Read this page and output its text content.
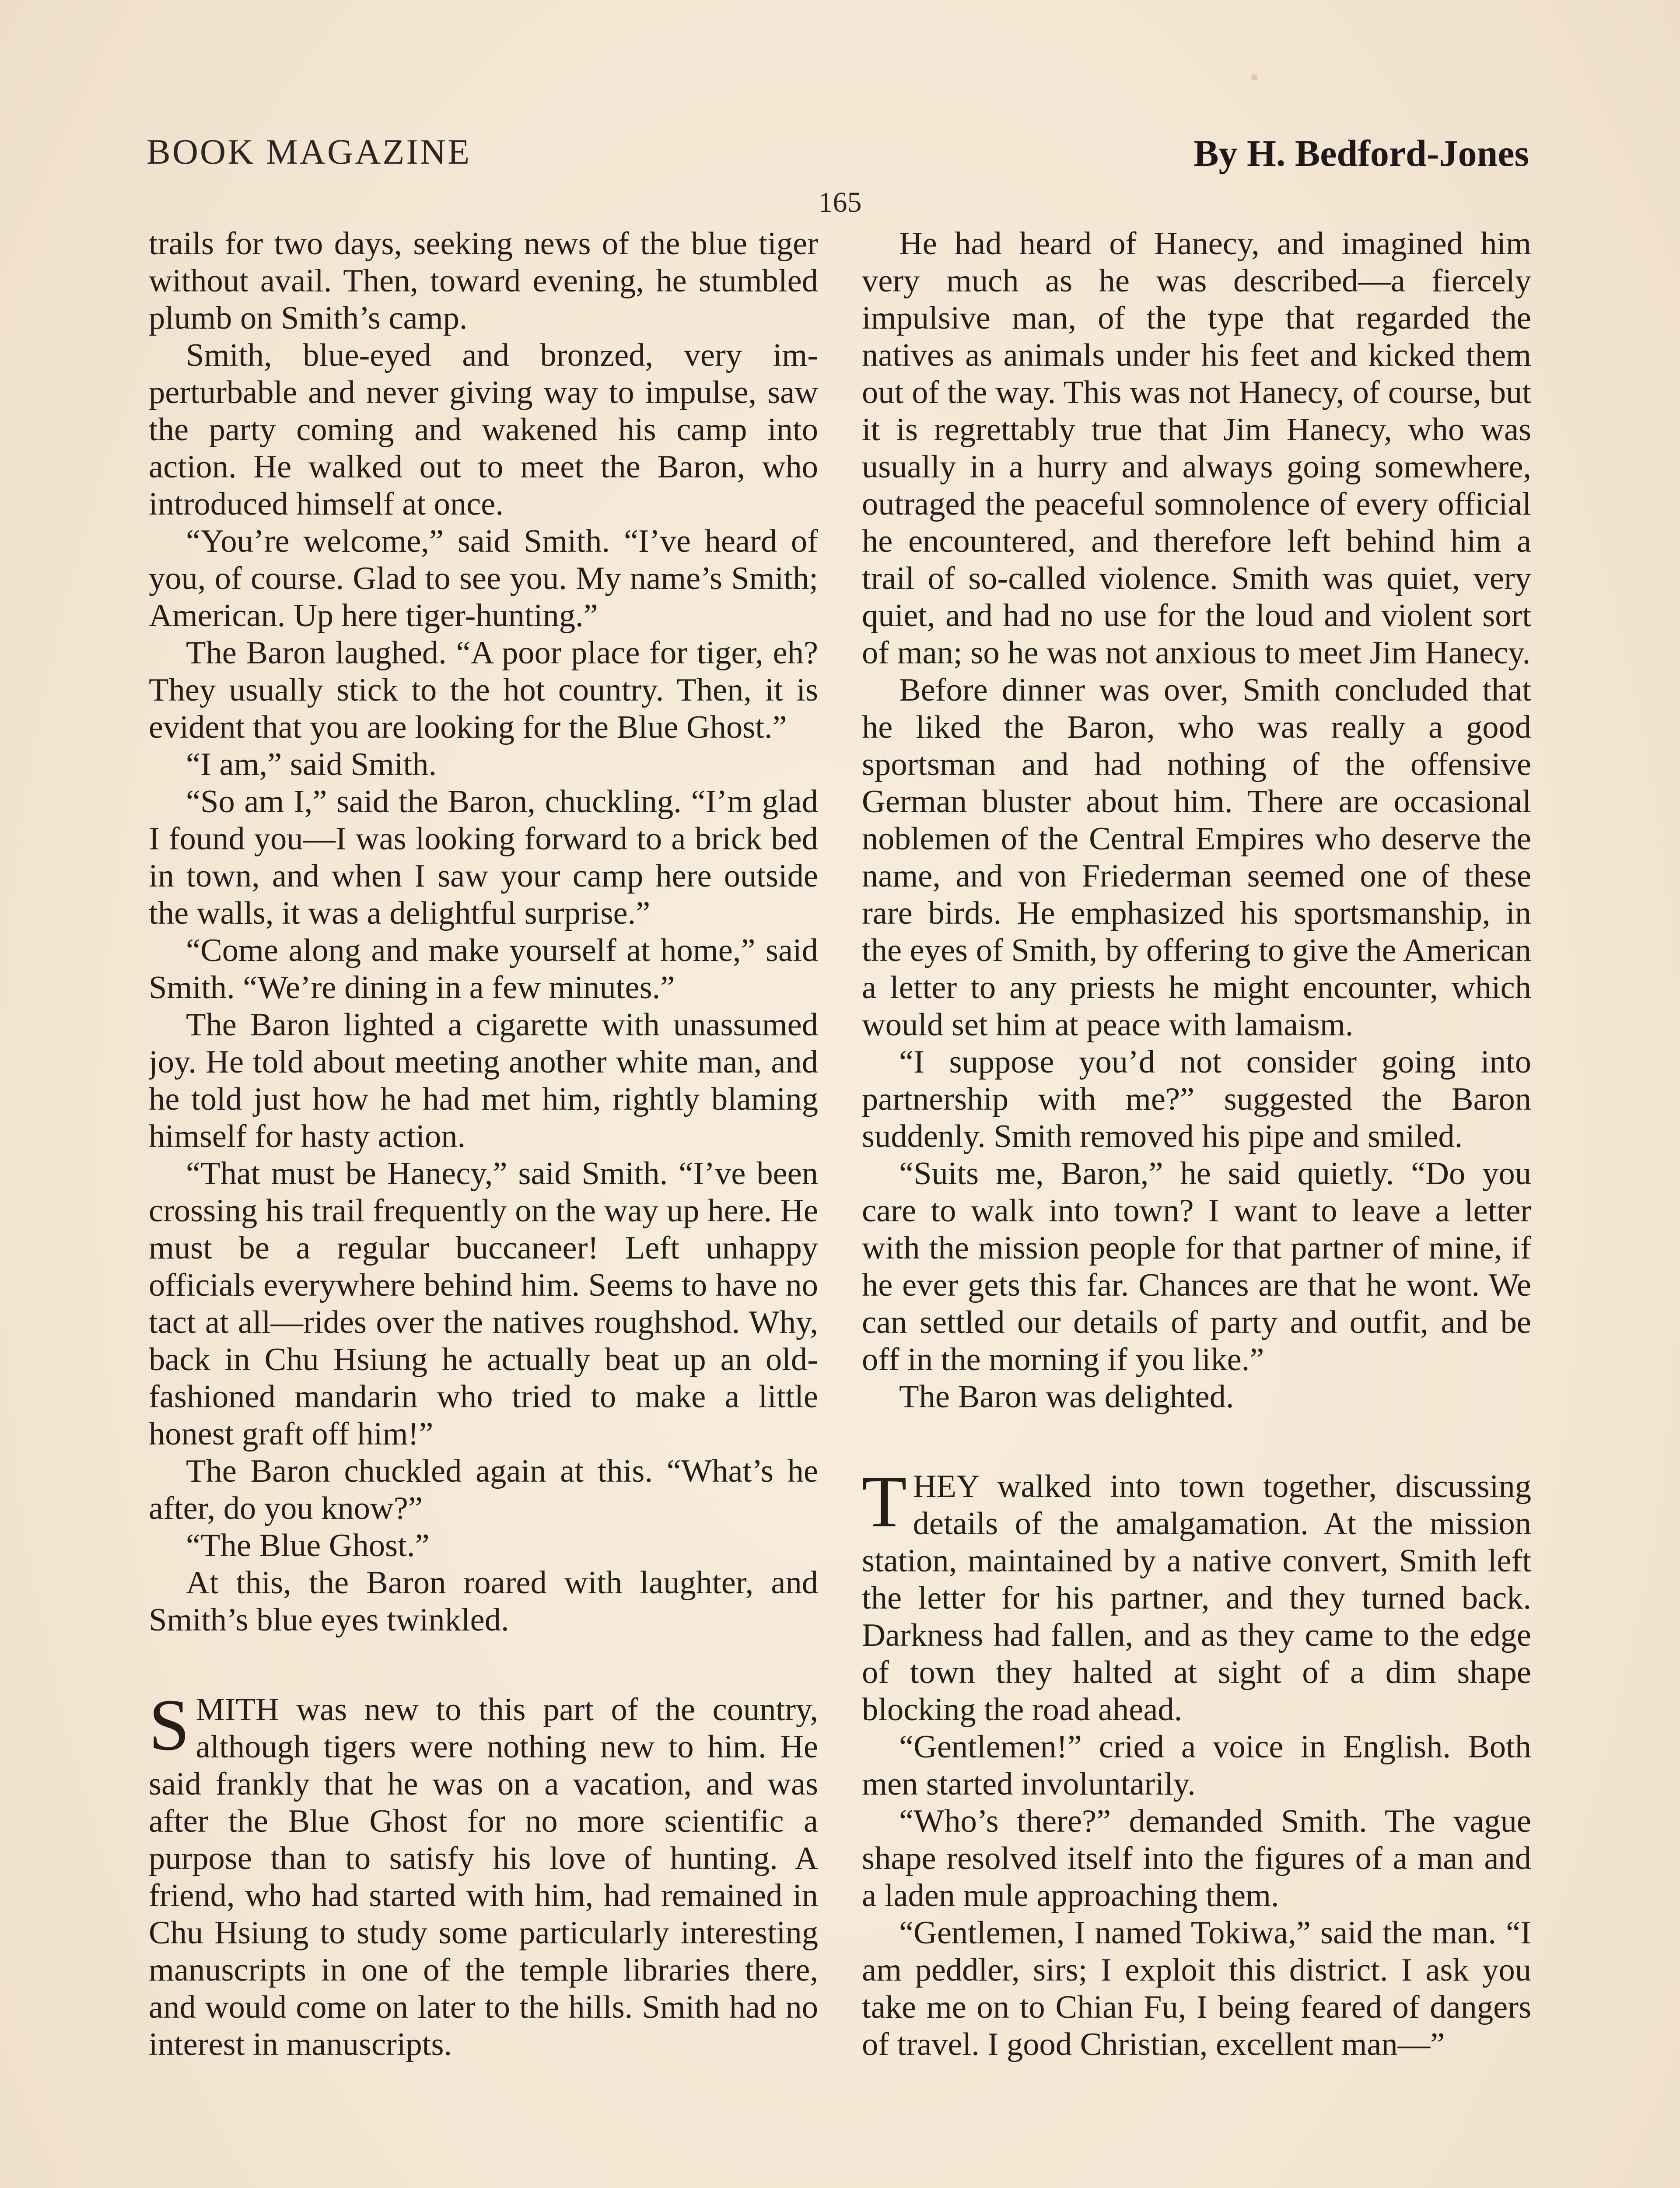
BOOK MAGAZINE	By H. Bedford-Jones
165

trails for two days, seeking news of the blue tiger without avail. Then, toward evening, he stumbled plumb on Smith’s camp.

Smith, blue-eyed and bronzed, very imperturbable and never giving way to impulse, saw the party coming and wakened his camp into action. He walked out to meet the Baron, who introduced himself at once.

“You’re welcome,” said Smith. “I’ve heard of you, of course. Glad to see you. My name’s Smith; American. Up here tiger-hunting.”

The Baron laughed. “A poor place for tiger, eh? They usually stick to the hot country. Then, it is evident that you are looking for the Blue Ghost.”

“I am,” said Smith.

“So am I,” said the Baron, chuckling. “I’m glad I found you—I was looking forward to a brick bed in town, and when I saw your camp here outside the walls, it was a delightful surprise.”

“Come along and make yourself at home,” said Smith. “We’re dining in a few minutes.”

The Baron lighted a cigarette with unassumed joy. He told about meeting another white man, and he told just how he had met him, rightly blaming himself for hasty action.

“That must be Hanecy,” said Smith. “I’ve been crossing his trail frequently on the way up here. He must be a regular buccaneer! Left unhappy officials everywhere behind him. Seems to have no tact at all—rides over the natives roughshod. Why, back in Chu Hsiung he actually beat up an old-fashioned mandarin who tried to make a little honest graft off him!”

The Baron chuckled again at this. “What’s he after, do you know?”

“The Blue Ghost.”

At this, the Baron roared with laughter, and Smith’s blue eyes twinkled.

SMITH was new to this part of the country, although tigers were nothing new to him. He said frankly that he was on a vacation, and was after the Blue Ghost for no more scientific a purpose than to satisfy his love of hunting. A friend, who had started with him, had remained in Chu Hsiung to study some particularly interesting manuscripts in one of the temple libraries there, and would come on later to the hills. Smith had no interest in manuscripts.

He had heard of Hanecy, and imagined him very much as he was described—a fiercely impulsive man, of the type that regarded the natives as animals under his feet and kicked them out of the way. This was not Hanecy, of course, but it is regrettably true that Jim Hanecy, who was usually in a hurry and always going somewhere, outraged the peaceful somnolence of every official he encountered, and therefore left behind him a trail of so-called violence. Smith was quiet, very quiet, and had no use for the loud and violent sort of man; so he was not anxious to meet Jim Hanecy.

Before dinner was over, Smith concluded that he liked the Baron, who was really a good sportsman and had nothing of the offensive German bluster about him. There are occasional noblemen of the Central Empires who deserve the name, and von Friederman seemed one of these rare birds. He emphasized his sportsmanship, in the eyes of Smith, by offering to give the American a letter to any priests he might encounter, which would set him at peace with lamaism.

“I suppose you’d not consider going into partnership with me?” suggested the Baron suddenly. Smith removed his pipe and smiled.

“Suits me, Baron,” he said quietly. “Do you care to walk into town? I want to leave a letter with the mission people for that partner of mine, if he ever gets this far. Chances are that he wont. We can settled our details of party and outfit, and be off in the morning if you like.”

The Baron was delighted.

THEY walked into town together, discussing details of the amalgamation. At the mission station, maintained by a native convert, Smith left the letter for his partner, and they turned back. Darkness had fallen, and as they came to the edge of town they halted at sight of a dim shape blocking the road ahead.

“Gentlemen!” cried a voice in English. Both men started involuntarily.

“Who’s there?” demanded Smith. The vague shape resolved itself into the figures of a man and a laden mule approaching them.

“Gentlemen, I named Tokiwa,” said the man. “I am peddler, sirs; I exploit this district. I ask you take me on to Chian Fu, I being feared of dangers of travel. I good Christian, excellent man—”
